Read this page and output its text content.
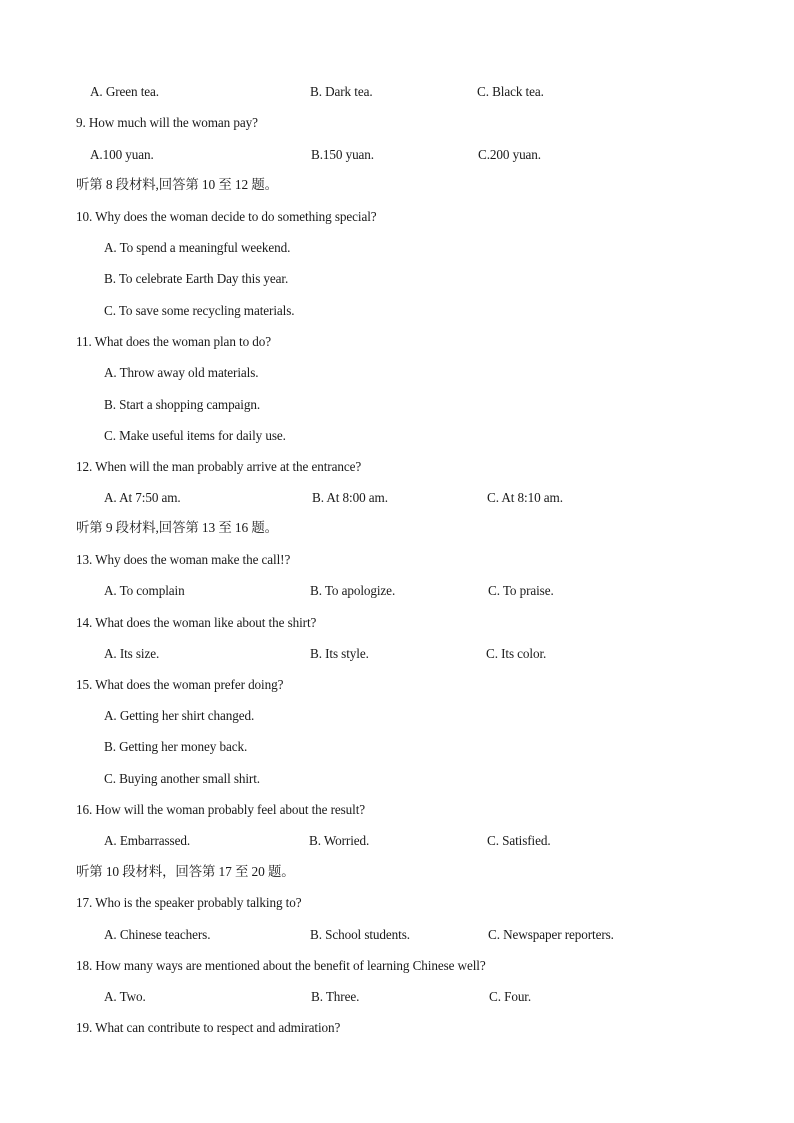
A. Green tea.	B. Dark tea.	C. Black tea.
9. How much will the woman pay?
A.100 yuan.	B.150 yuan.	C.200 yuan.
听第 8 段材料,回答第 10 至 12 题。
10. Why does the woman decide to do something special?
A. To spend a meaningful weekend.
B. To celebrate Earth Day this year.
C. To save some recycling materials.
11. What does the woman plan to do?
A. Throw away old materials.
B. Start a shopping campaign.
C. Make useful items for daily use.
12. When will the man probably arrive at the entrance?
A. At 7:50 am.	B. At 8:00 am.	C. At 8:10 am.
听第 9 段材料,回答第 13 至 16 题。
13. Why does the woman make the call!?
A. To complain	B. To apologize.	C. To praise.
14. What does the woman like about the shirt?
A. Its size.	B. Its style.	C. Its color.
15. What does the woman prefer doing?
A. Getting her shirt changed.
B. Getting her money back.
C. Buying another small shirt.
16. How will the woman probably feel about the result?
A. Embarrassed.	B. Worried.	C. Satisfied.
听第 10 段材料，回答第 17 至 20 题。
17. Who is the speaker probably talking to?
A. Chinese teachers.	B. School students.	C. Newspaper reporters.
18. How many ways are mentioned about the benefit of learning Chinese well?
A. Two.	B. Three.	C. Four.
19. What can contribute to respect and admiration?
